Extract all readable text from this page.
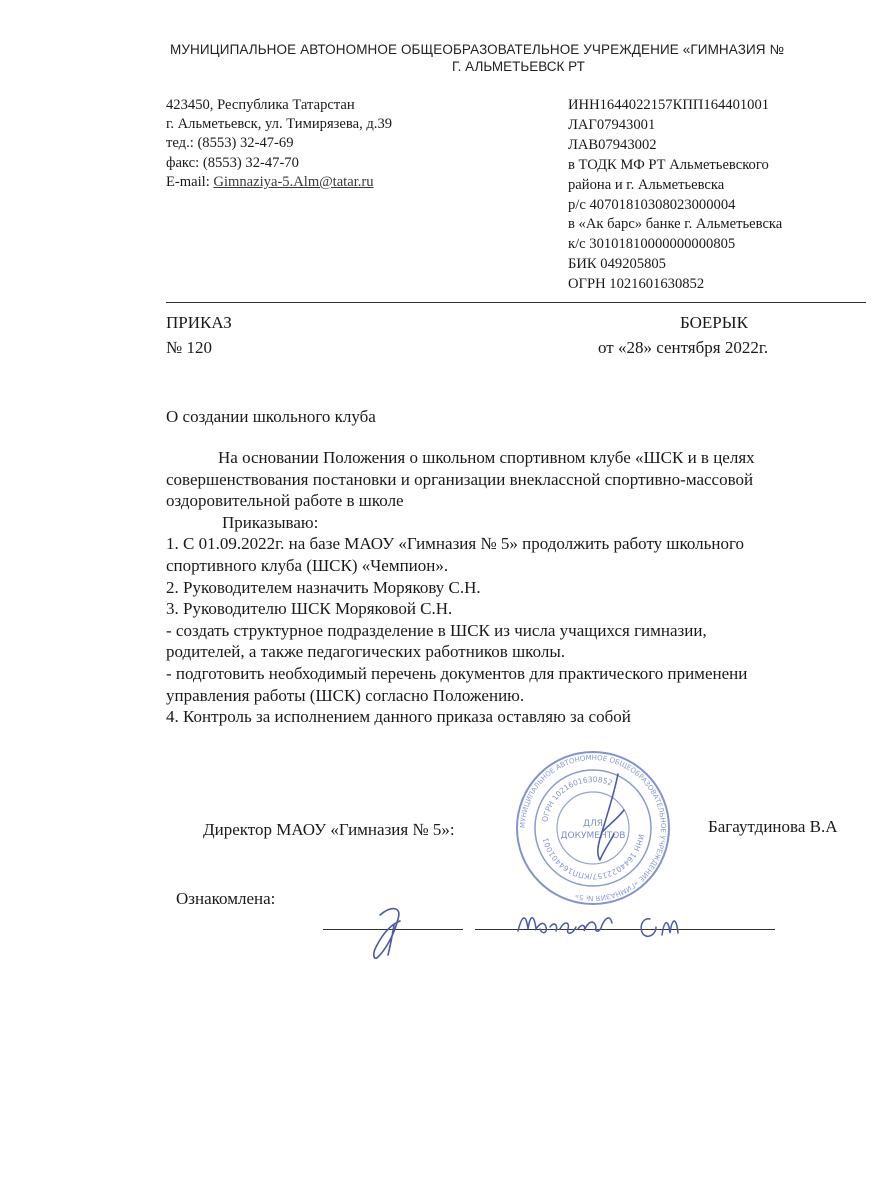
МУНИЦИПАЛЬНОЕ АВТОНОМНОЕ ОБЩЕОБРАЗОВАТЕЛЬНОЕ УЧРЕЖДЕНИЕ «ГИМНАЗИЯ №
Г. АЛЬМЕТЬЕВСК РТ
423450, Республика Татарстан
г. Альметьевск, ул. Тимирязева, д.39
тед.: (8553) 32-47-69
факс: (8553) 32-47-70
E-mail: Gimnaziya-5.Alm@tatar.ru
ИНН1644022157КПП164401001
ЛАГ07943001
ЛАВ07943002
в ТОДК МФ РТ Альметьевского
района и г. Альметьевска
р/с 40701810308023000004
в «Ак барс» банке г. Альметьевска
к/с 30101810000000000805
БИК 049205805
ОГРН 1021601630852
ПРИКАЗ
№ 120
БОЕРЫК
от «28» сентября 2022г.
О создании школьного клуба
На основании Положения о школьном спортивном клубе «ШСК и в целях
совершенствования постановки и организации внеклассной спортивно-массовой
оздоровительной работе в школе
Приказываю:
1. С 01.09.2022г. на базе МАОУ «Гимназия № 5» продолжить работу школьного
спортивного клуба (ШСК) «Чемпион».
2. Руководителем назначить Морякову С.Н.
3. Руководителю ШСК Моряковой С.Н.
- создать структурное подразделение в ШСК из числа учащихся гимназии,
родителей, а также педагогических работников школы.
- подготовить необходимый перечень документов для практического применени
управления работы (ШСК) согласно Положению.
4. Контроль за исполнением данного приказа оставляю за собой
МУНИЦИПАЛЬНОЕ АВТОНОМНОЕ ОБЩЕОБРАЗОВАТЕЛЬНОЕ УЧРЕЖДЕНИЕ «ГИМНАЗИЯ № 5»
ОГРН 1021601630852
ИНН 1644022157/КПП164401001
ДЛЯ
ДОКУМЕНТОВ
Директор МАОУ «Гимназия № 5»:	Багаутдинова В.А
Ознакомлена:
